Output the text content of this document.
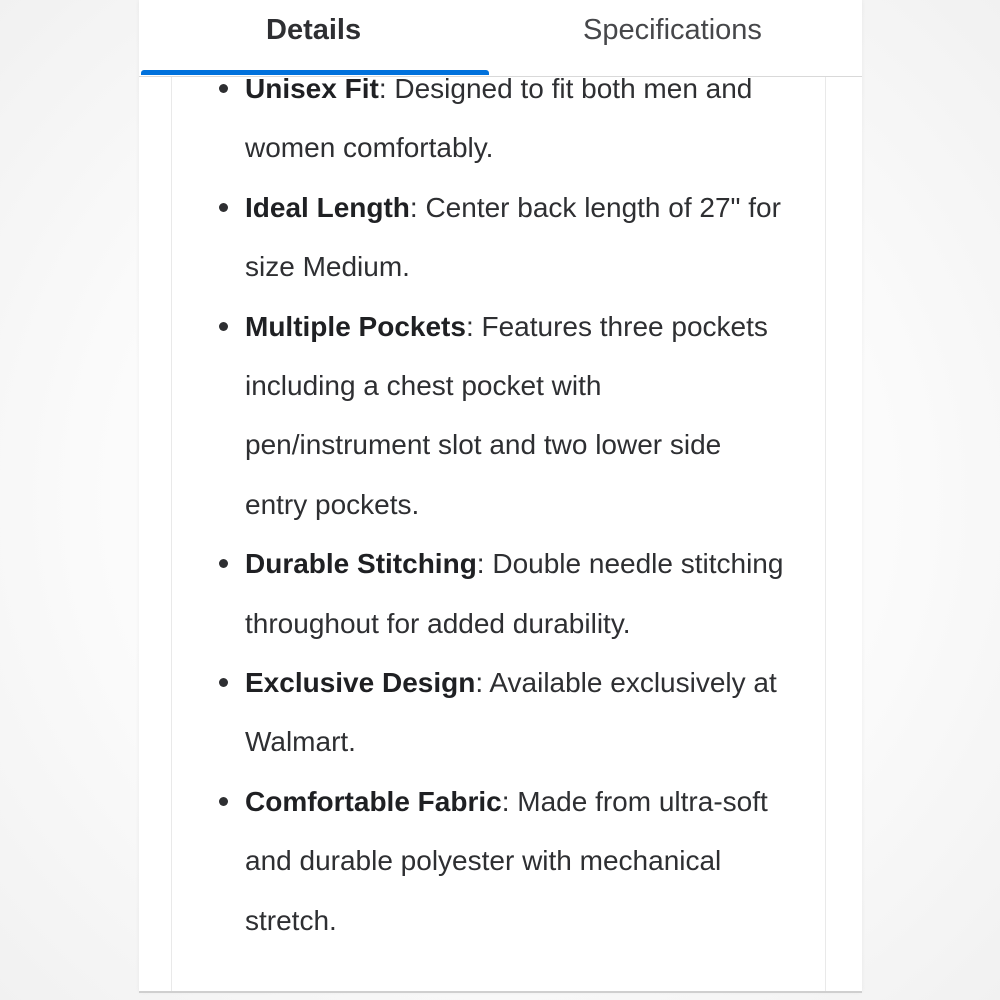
Details	Specifications
Unisex Fit: Designed to fit both men and women comfortably.
Ideal Length: Center back length of 27" for size Medium.
Multiple Pockets: Features three pockets including a chest pocket with pen/instrument slot and two lower side entry pockets.
Durable Stitching: Double needle stitching throughout for added durability.
Exclusive Design: Available exclusively at Walmart.
Comfortable Fabric: Made from ultra-soft and durable polyester with mechanical stretch.
